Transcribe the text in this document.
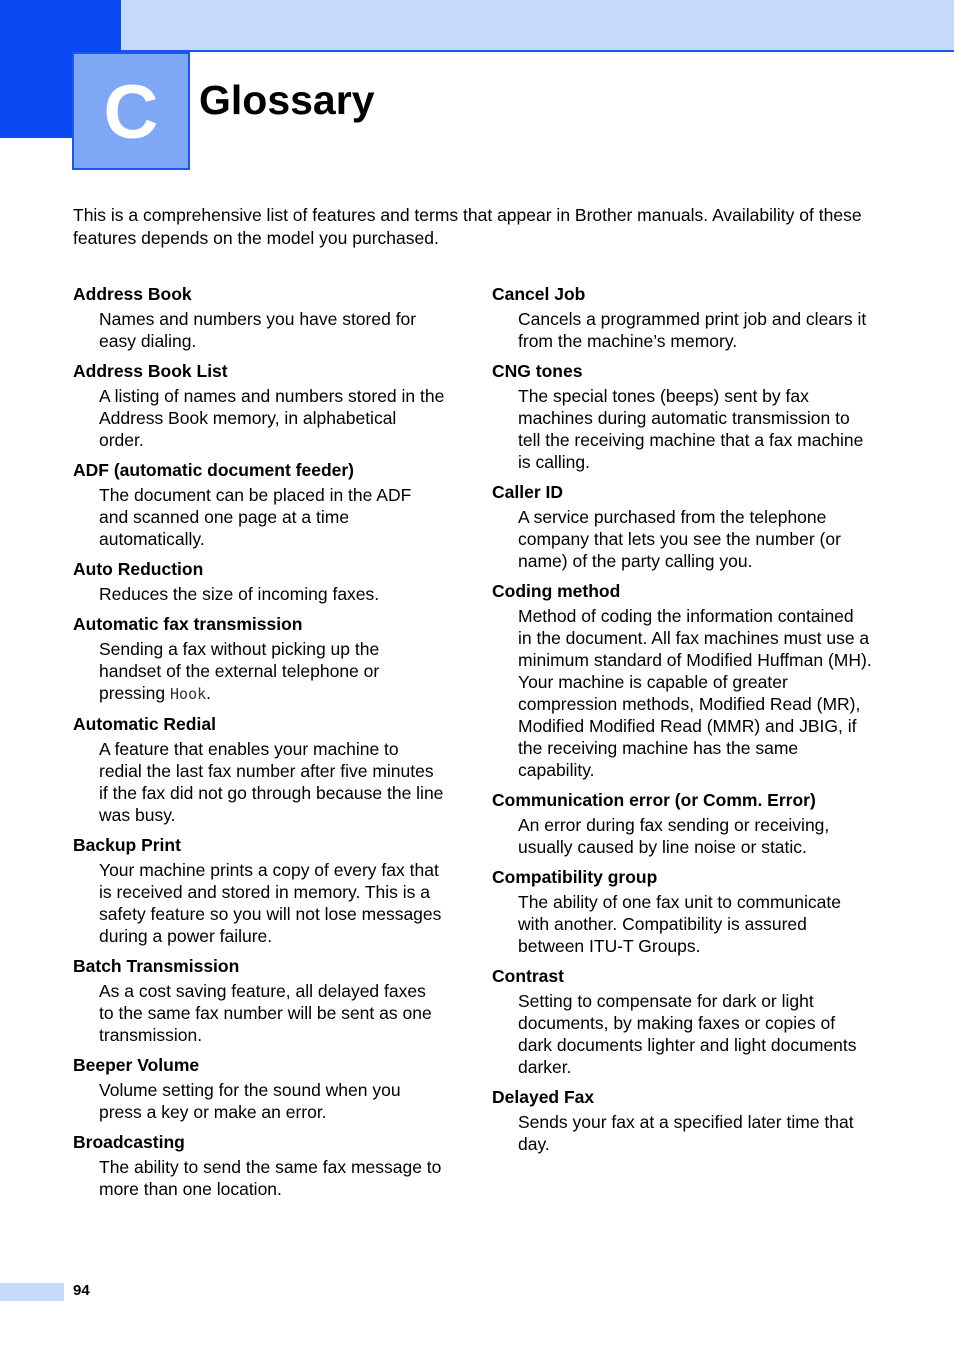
C Glossary

This is a comprehensive list of features and terms that appear in Brother manuals. Availability of these features depends on the model you purchased.

Address Book

Names and numbers you have stored for easy dialing.

Address Book List

A listing of names and numbers stored in the Address Book memory, in alphabetical order.

ADF (automatic document feeder)

The document can be placed in the ADF and scanned one page at a time automatically.

Auto Reduction

Reduces the size of incoming faxes.

Automatic fax transmission

Sending a fax without picking up the handset of the external telephone or pressing Hook.

Automatic Redial

A feature that enables your machine to redial the last fax number after five minutes if the fax did not go through because the line was busy.

Backup Print

Your machine prints a copy of every fax that is received and stored in memory. This is a safety feature so you will not lose messages during a power failure.

Batch Transmission

As a cost saving feature, all delayed faxes to the same fax number will be sent as one transmission.

Beeper Volume

Volume setting for the sound when you press a key or make an error.

Broadcasting

The ability to send the same fax message to more than one location.

Cancel Job

Cancels a programmed print job and clears it from the machine’s memory.

CNG tones

The special tones (beeps) sent by fax machines during automatic transmission to tell the receiving machine that a fax machine is calling.

Caller ID

A service purchased from the telephone company that lets you see the number (or name) of the party calling you.

Coding method

Method of coding the information contained in the document. All fax machines must use a minimum standard of Modified Huffman (MH). Your machine is capable of greater compression methods, Modified Read (MR), Modified Modified Read (MMR) and JBIG, if the receiving machine has the same capability.

Communication error (or Comm. Error)

An error during fax sending or receiving, usually caused by line noise or static.

Compatibility group

The ability of one fax unit to communicate with another. Compatibility is assured between ITU-T Groups.

Contrast

Setting to compensate for dark or light documents, by making faxes or copies of dark documents lighter and light documents darker.

Delayed Fax

Sends your fax at a specified later time that day.

94
